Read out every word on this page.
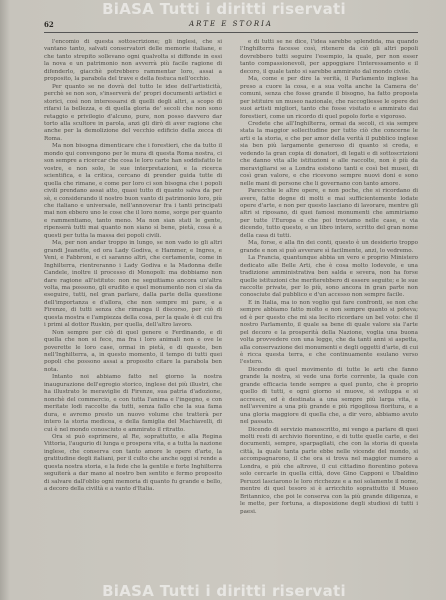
BiASA Tutti i diritti riservati
62	ARTE E STORIA

l'encomio di questa sottoscrizione; gli inglesi, che si vantano tanto, salvati conservatori delle memorie italiane, e che tanto strepito sollevano ogni qualvolta si diffonde in essi la nova e un patrimonio non avverrà più facile ragione di difenderlo, giacchè potrebbero rammentar loro, assai a proposito, la parabola del trave e della festuca nell'occhio.

Per quanto se ne dovrà del tutto le idee dell'artisticità, perchè se non son, s'inserverà de' propri documenti artistici e storici, così non interessarsi di quelli degli altri, a scopo di rifarsi la bellezza, e di quella gloria de' secoli che non sono retaggio e privilegio d'alcuno, pure, non posso davvero dar torto alla scultore in parola, anzi gli dirò di aver ragione che anche per la demolizione del vecchio edificio della zecca di Roma.

Ma non bisogna dimenticare che i forestieri, che da tutto il mondo qui convengono per le mura di questa Roma nostra, ci son sempre a ricercar che cosa le loro carte han soddisfatto le vostre, e non solo, le sue interpretazioni, e la ricerca scientifica, e la critica, cercano di prender guida tutte di quella che rimane, e come per loro ci son bisogna che i popoli civili prendano assai atto, quasi tutto di quanto salva da per sè, e considerando il nostro buon vanto di patrimonio loro, più che italiano e universale, nell'annoverar fra i tanti principati mai non ebbero uno le cose che il loro nome, sorge per quanto e rammentiamo, tanto meno. Ma non sian stati le gente, ripenserà tutti mai quanto non siano sì bene, pietà, cosa è a questi per tutta la massa dei popoli civili.

Ma, per non andar troppo in lungo, se non vado io gli altri grandi Jeanette, ed ora Lady Godiva, e Hammer, e Ingres, e Veni, e Fabbroni, e ci saranno altri, che certamente, come in Inghilterra, rientreranno i Lady Godiva e la Madonna delle Candele, inoltre il processo di Monopoli: ma dobbiamo non dare ragione all'istituto: non ne seguitiamo ancora un'altra volta, ma possono, gli erudito e quel monumento non ci sia da eseguire, tutti, nel gran parlare, dalla parte della questione dell'importanza e d'allora, che non sempre mi pare, e a Firenze, di tutti senza che rimanga il discorso, per ciò di questa mostra e l'ampiezza della cosa, per la quale è di cui fra i primi al dottor Ruskin, per quella, dell'altro lavoro.

Non sempre per ciò di quel genere e Ferdinando, e di quella che non si fece, ma fra i loro animali non e ove le poverette le loro case, ormai in pietà, e di queste, ben nell'Inghilterra, a, in questo momento, il tempo di tutti quei popoli che possono assai a proposito citare la parabola ben nota.

Intanto noi abbiamo fatto nel giorno la nostra inaugurazione dell'egregio storico, inglese dei più illustri, che ha illustrato le meraviglie di Firenze, sua patria d'adozione, nonchè del commercio, e con tutta l'anima e l'ingegno, e con meritate lodi raccolte da tutti, senza fallo che la sua fama dura, e avremo presto un nuovo volume che tratterà per intero la storia medicea, e della famiglia del Machiavelli, di cui è nel mondo conosciuto e ammirato il ritratto.

Ora si può esprimere, al Re, soprattutto, e alla Regina Vittoria, l'augurio di lunga e prospera vita, e a tutta la nazione inglese, che conserva con tanto amore le opere d'arte, la gratitudine degli italiani, per il culto che anche oggi si rende a questa nostra storia, e la fede che la gentile e forte Inghilterra seguiterà a dar mano al nostro ben sentito e fermo proposito di salvare dall'oblio ogni memoria di quanto fu grande e bello, a decoro della civiltà e a vanto d'Italia.

e di tutti se ne dice, l'idea sarebbe splendida, ma quando l'Inghilterra facesse così, ritenere da ciò gli altri popoli dovrebbero tutti seguire l'esempio, la quale, per non esser tanto compassionevoli, per appoggiare l'interessamento e il decoro, il quale tanto si sarebbe ammirato dal mondo civile.

Ma, come e per dire la verità, il Parlamento inglese ha preso a cuore la cosa, e a sua volta anche la Camera de' comuni, senza che fosse grande il bisogno, ha fatto proposta per istituire un museo nazionale, che raccogliesse le opere dei suoi artisti migliori, tanto che fosse visitato e ammirato dai forestieri, come un ricordo di quel popolo forte e vigoroso.

Credete che all'Inghilterra, ormai da secoli, ci sia sempre stata la maggior sollecitudine per tutto ciò che concerne le arti e la storia, e che per amor della verità il pubblico inglese sia ben più largamente generoso di quanto si creda, e vedendo la gran copia di donatori, di legati e di sottoscrizioni che danno vita alle istituzioni e alle raccolte, non è più da meravigliarsi se a Londra esistono tanti e così bei musei, di così gran valore, e che ricevono sempre nuovi doni e sono nelle mani di persone che li governano con tanto amore.

Parecchie le altre opere, e non poche, che si ricordano di avere, fatte degne di molti e mai sufficientemente lodate opere d'arte, e non per questo lasciano di lavorare, mentre gli altri si riposano, di quei famosi monumenti che ammiriamo per tutte l'Europa e che poi troviamo nelle case, e via dicendo, tutto questo, e un libro intero, scritto del gran nome della casa di tutti.

Ma, forse, e alla fin dei conti, questo è un desiderio troppo grande e non si può avverare sì facilmente, anzi, lo vedremo.

La Francia, quantunque abbia un vero e proprio Ministero dedicato alle Belle Arti, che è cosa molto lodevole, e una tradizione amministrativa ben salda e severa, non ha forse quelle istituzioni che meriterebbero di essere seguite; e le sue raccolte private, per lo più, sono ancora in gran parte non conosciute dal pubblico e d'un accesso non sempre facile.

E in Italia, ma io non voglio qui fare confronti, se non che sempre abbiamo fatto molto e non sempre quanto si poteva; ed è per questo che mi sia lecito ricordare un bel voto: che il nostro Parlamento, il quale sa bene di quale valore sia l'arte pel decoro e la prosperità della Nazione, voglia una buona volta provvedere con una legge, che da tanti anni si aspetta, alla conservazione dei monumenti e degli oggetti d'arte, di cui è ricca questa terra, e che continuamente esulano verso l'estero.

Dicendo di quel movimento di tutte le arti che fanno grande la nostra, si vede una forte corrente, la quale con grande efficacia tende sempre a quel punto, che è proprio quello di tutti, e ogni giorno si muove, si sviluppa e si accresce, ed è destinata a una sempre più larga vita, e nell'avvenire a una più grande e più rigogliosa fioritura, e a una gloria maggiore di quella che, a dir vero, abbiamo avuto nel passato.

Dicendo di servizio manoscritto, mi vengo a parlare di quei molti resti di archivio fiorentino, e di tutte quelle carte, e dei documenti, sempre, sparpagliati, che con la storia di questa città, la quale tanta parte ebbe nelle vicende del mondo, si accompagnarono, il che ora si trova nel maggior numero a Londra, e più che altrove, il cui cittadino fiorentino poteva solo cercarle in quella città, dove Gino Capponi e Ubaldino Peruzzi lasciarono le loro ricchezze e a noi solamente il nome, mentre di quel tesoro si è arricchito soprattutto il Museo Britannico, che poi le conserva con la più grande diligenza, e le mette, per fortuna, a disposizione degli studiosi di tutti i paesi.

BiASA Tutti i diritti riservati
